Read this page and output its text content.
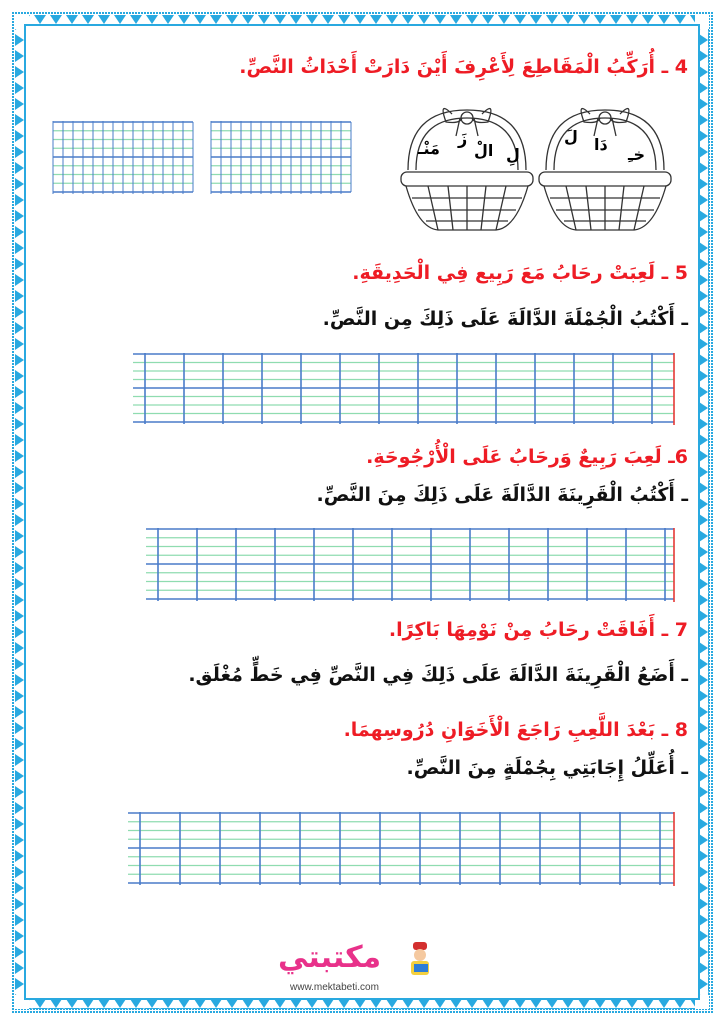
4 ـ أُرَكِّبُ الْمَقَاطِعَ لِأَعْرِفَ أَيْنَ دَارَتْ أَحْدَاثُ النَّصِّ.
خـِ
دَا
لَ
لِ
الْ
زَ
مَنْـ
5 ـ لَعِبَتْ رحَابُ مَعَ رَبِيع فِي الْحَدِيقَةِ.
ـ أَكْتُبُ الْجُمْلَةَ الدَّالَةَ عَلَى ذَلِكَ مِن النَّصِّ.
6ـ لَعِبَ رَبِيعٌ وَرحَابُ عَلَى الْأُرْجُوحَةِ.
ـ أَكْتُبُ الْقَرِينَةَ الدَّالَةَ عَلَى ذَلِكَ مِنَ النَّصِّ.
7 ـ أَفَاقَتْ رحَابُ مِنْ نَوْمِهَا بَاكِرًا.
ـ أَضَعُ الْقَرِينَةَ الدَّالَةَ عَلَى ذَلِكَ فِي النَّصِّ فِي خَطٍّ مُغْلَق.
8 ـ بَعْدَ اللَّعِبِ رَاجَعَ الْأَخَوَانِ دُرُوسِهمَا.
ـ أُعَلِّلُ إِجَابَتِي بِجُمْلَةٍ مِنَ النَّصِّ.
مكتبتي
www.mektabeti.com
